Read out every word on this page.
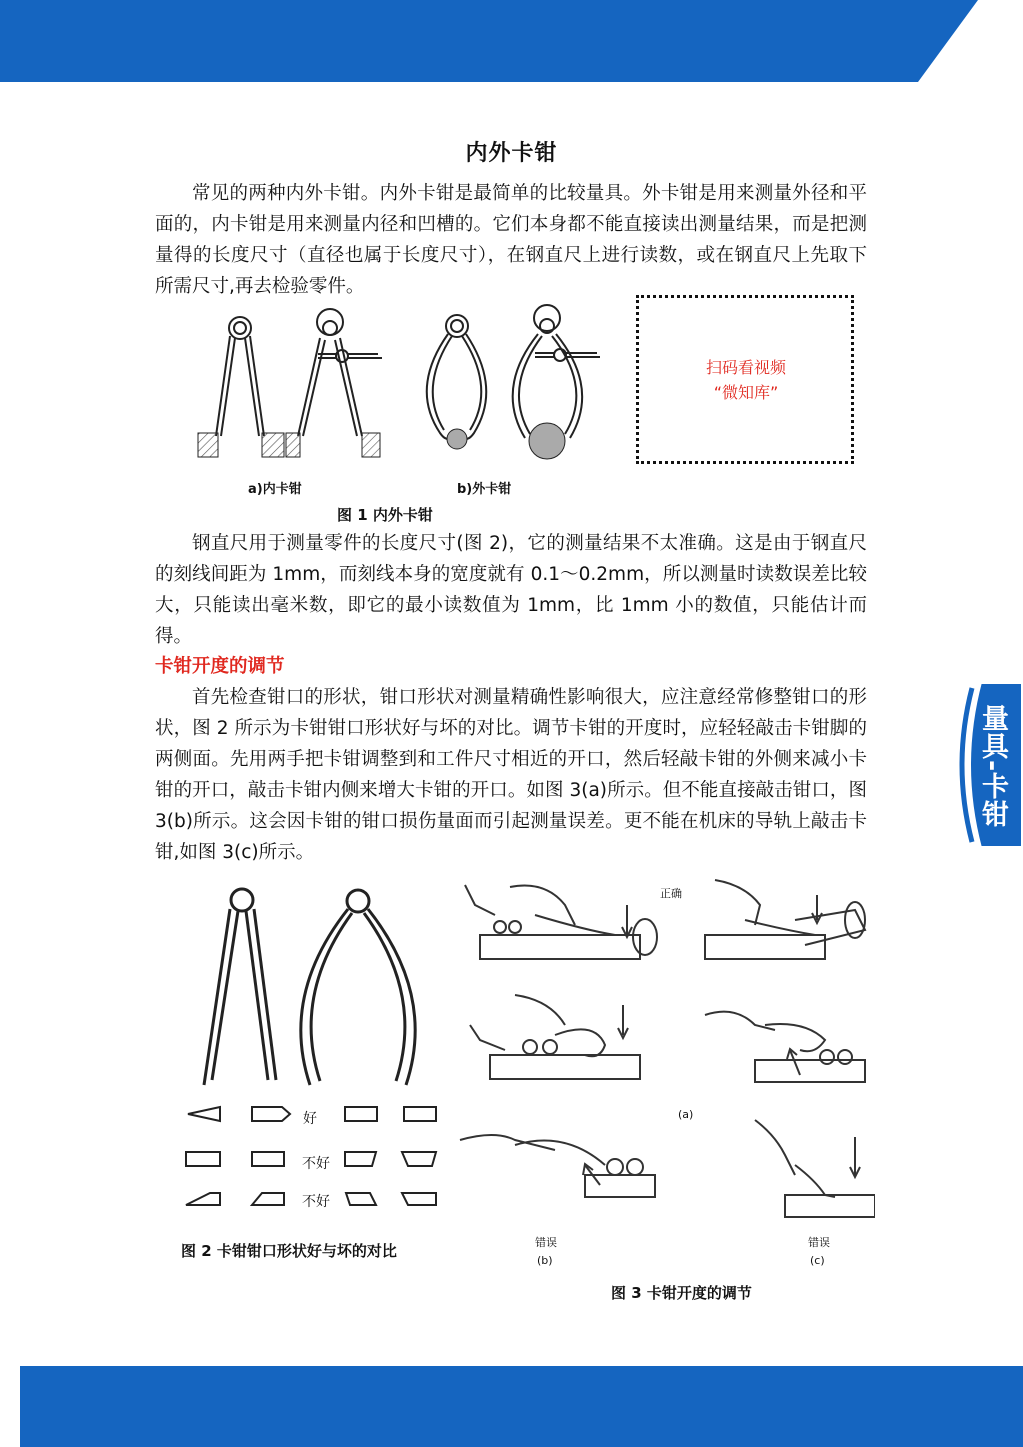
量具-卡钳
内外卡钳

常见的两种内外卡钳。内外卡钳是最简单的比较量具。外卡钳是用来测量外径和平面的，内卡钳是用来测量内径和凹槽的。它们本身都不能直接读出测量结果，而是把测量得的长度尺寸（直径也属于长度尺寸），在钢直尺上进行读数，或在钢直尺上先取下所需尺寸,再去检验零件。

a)内卡钳	b)外卡钳
图 1 内外卡钳
扫码看视频
“微知库”

钢直尺用于测量零件的长度尺寸(图 2)，它的测量结果不太准确。这是由于钢直尺的刻线间距为 1mm，而刻线本身的宽度就有 0.1～0.2mm，所以测量时读数误差比较大，只能读出毫米数，即它的最小读数值为 1mm，比 1mm 小的数值，只能估计而得。

卡钳开度的调节

首先检查钳口的形状，钳口形状对测量精确性影响很大，应注意经常修整钳口的形状，图 2 所示为卡钳钳口形状好与坏的对比。调节卡钳的开度时，应轻轻敲击卡钳脚的两侧面。先用两手把卡钳调整到和工件尺寸相近的开口，然后轻敲卡钳的外侧来减小卡钳的开口，敲击卡钳内侧来增大卡钳的开口。如图 3(a)所示。但不能直接敲击钳口，图 3(b)所示。这会因卡钳的钳口损伤量面而引起测量误差。更不能在机床的导轨上敲击卡钳,如图 3(c)所示。

好
不好
不好
图 2 卡钳钳口形状好与坏的对比
正确
(a)
错误
(b)
错误
(c)
图 3 卡钳开度的调节
